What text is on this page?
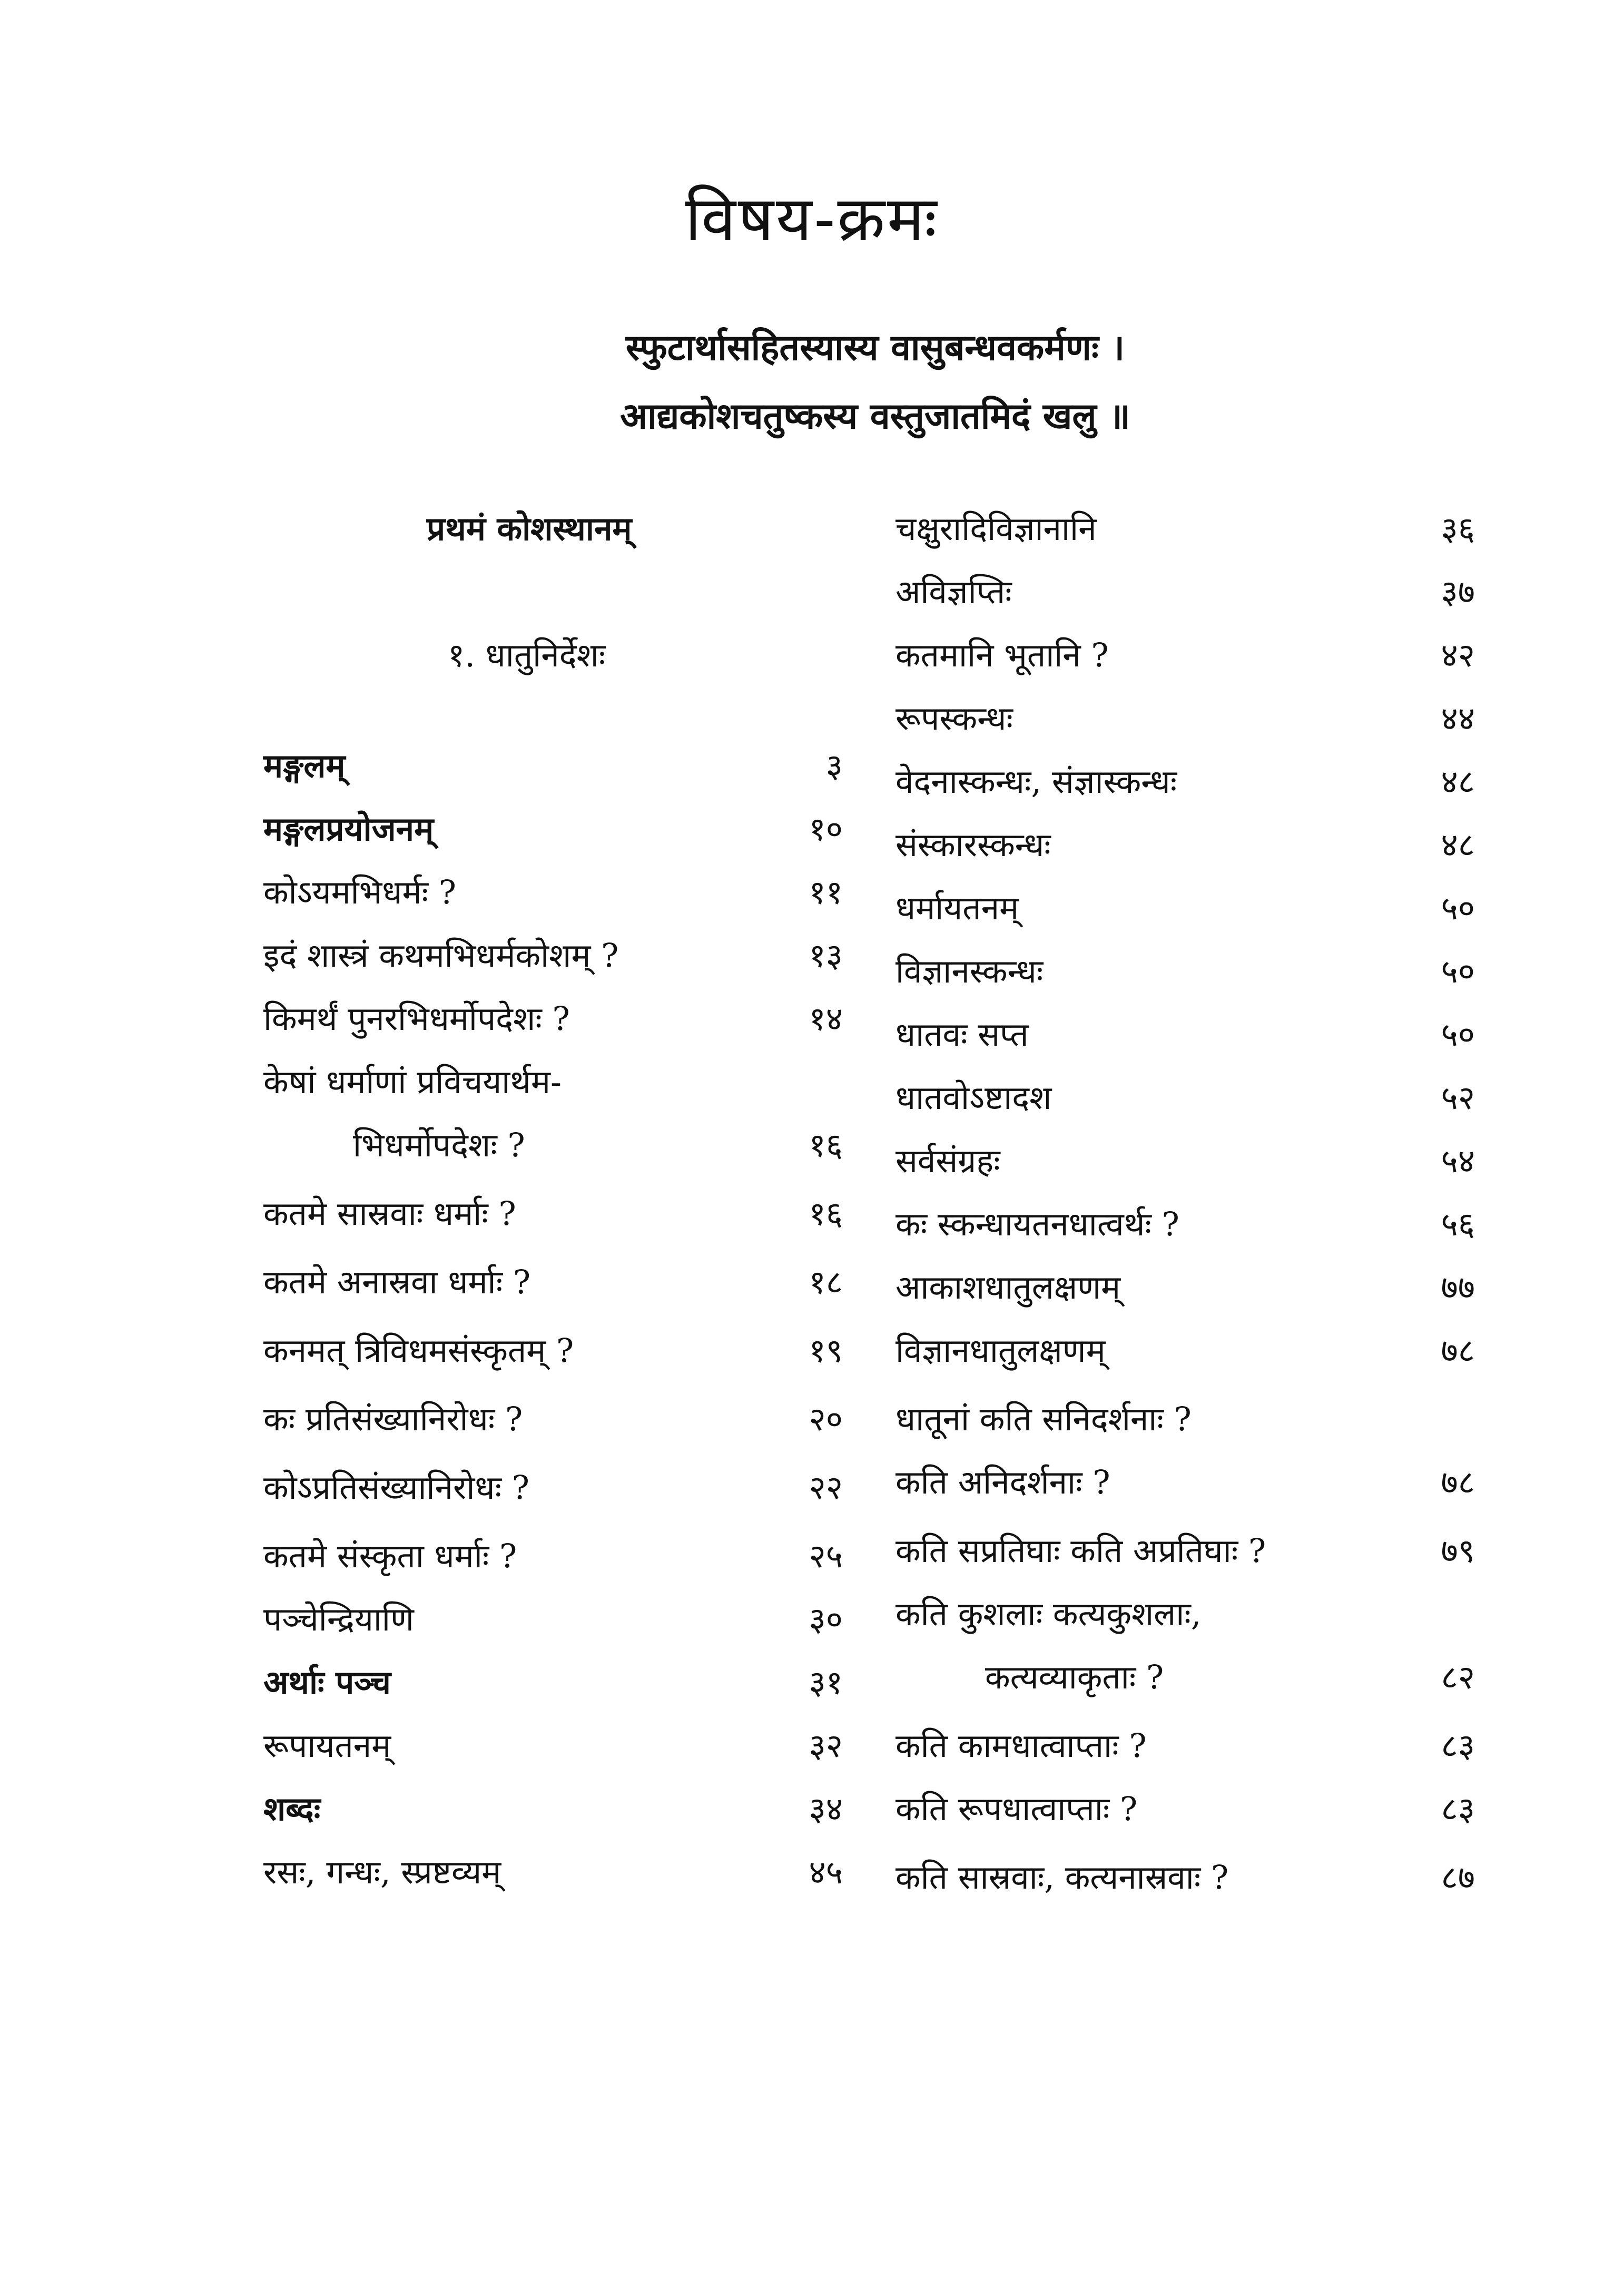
विषय-क्रमः
स्फुटार्थासहितस्यास्य वासुबन्धवकर्मणः ।
आद्यकोशचतुष्कस्य वस्तुजातमिदं खलु ॥
प्रथमं कोशस्थानम्
१. धातुनिर्देशः
मङ्गलम्	३
मङ्गलप्रयोजनम्	१०
कोऽयमभिधर्मः ?	११
इदं शास्त्रं कथमभिधर्मकोशम् ?	१३
किमर्थं पुनरभिधर्मोपदेशः ?	१४
केषां धर्माणां प्रविचयार्थम-
भिधर्मोपदेशः ?	१६
कतमे सास्रवाः धर्माः ?	१६
कतमे अनास्रवा धर्माः ?	१८
कनमत् त्रिविधमसंस्कृतम् ?	१९
कः प्रतिसंख्यानिरोधः ?	२०
कोऽप्रतिसंख्यानिरोधः ?	२२
कतमे संस्कृता धर्माः ?	२५
पञ्चेन्द्रियाणि	३०
अर्थाः पञ्च	३१
रूपायतनम्	३२
शब्दः	३४
रसः, गन्धः, स्प्रष्टव्यम्	४५
चक्षुरादिविज्ञानानि	३६
अविज्ञप्तिः	३७
कतमानि भूतानि ?	४२
रूपस्कन्धः	४४
वेदनास्कन्धः, संज्ञास्कन्धः	४८
संस्कारस्कन्धः	४८
धर्मायतनम्	५०
विज्ञानस्कन्धः	५०
धातवः सप्त	५०
धातवोऽष्टादश	५२
सर्वसंग्रहः	५४
कः स्कन्धायतनधात्वर्थः ?	५६
आकाशधातुलक्षणम्	७७
विज्ञानधातुलक्षणम्	७८
धातूनां कति सनिदर्शनाः ?
कति अनिदर्शनाः ?	७८
कति सप्रतिघाः कति अप्रतिघाः ?	७९
कति कुशलाः कत्यकुशलाः,
कत्यव्याकृताः ?	८२
कति कामधात्वाप्ताः ?	८३
कति रूपधात्वाप्ताः ?	८३
कति सास्रवाः, कत्यनास्रवाः ?	८७
